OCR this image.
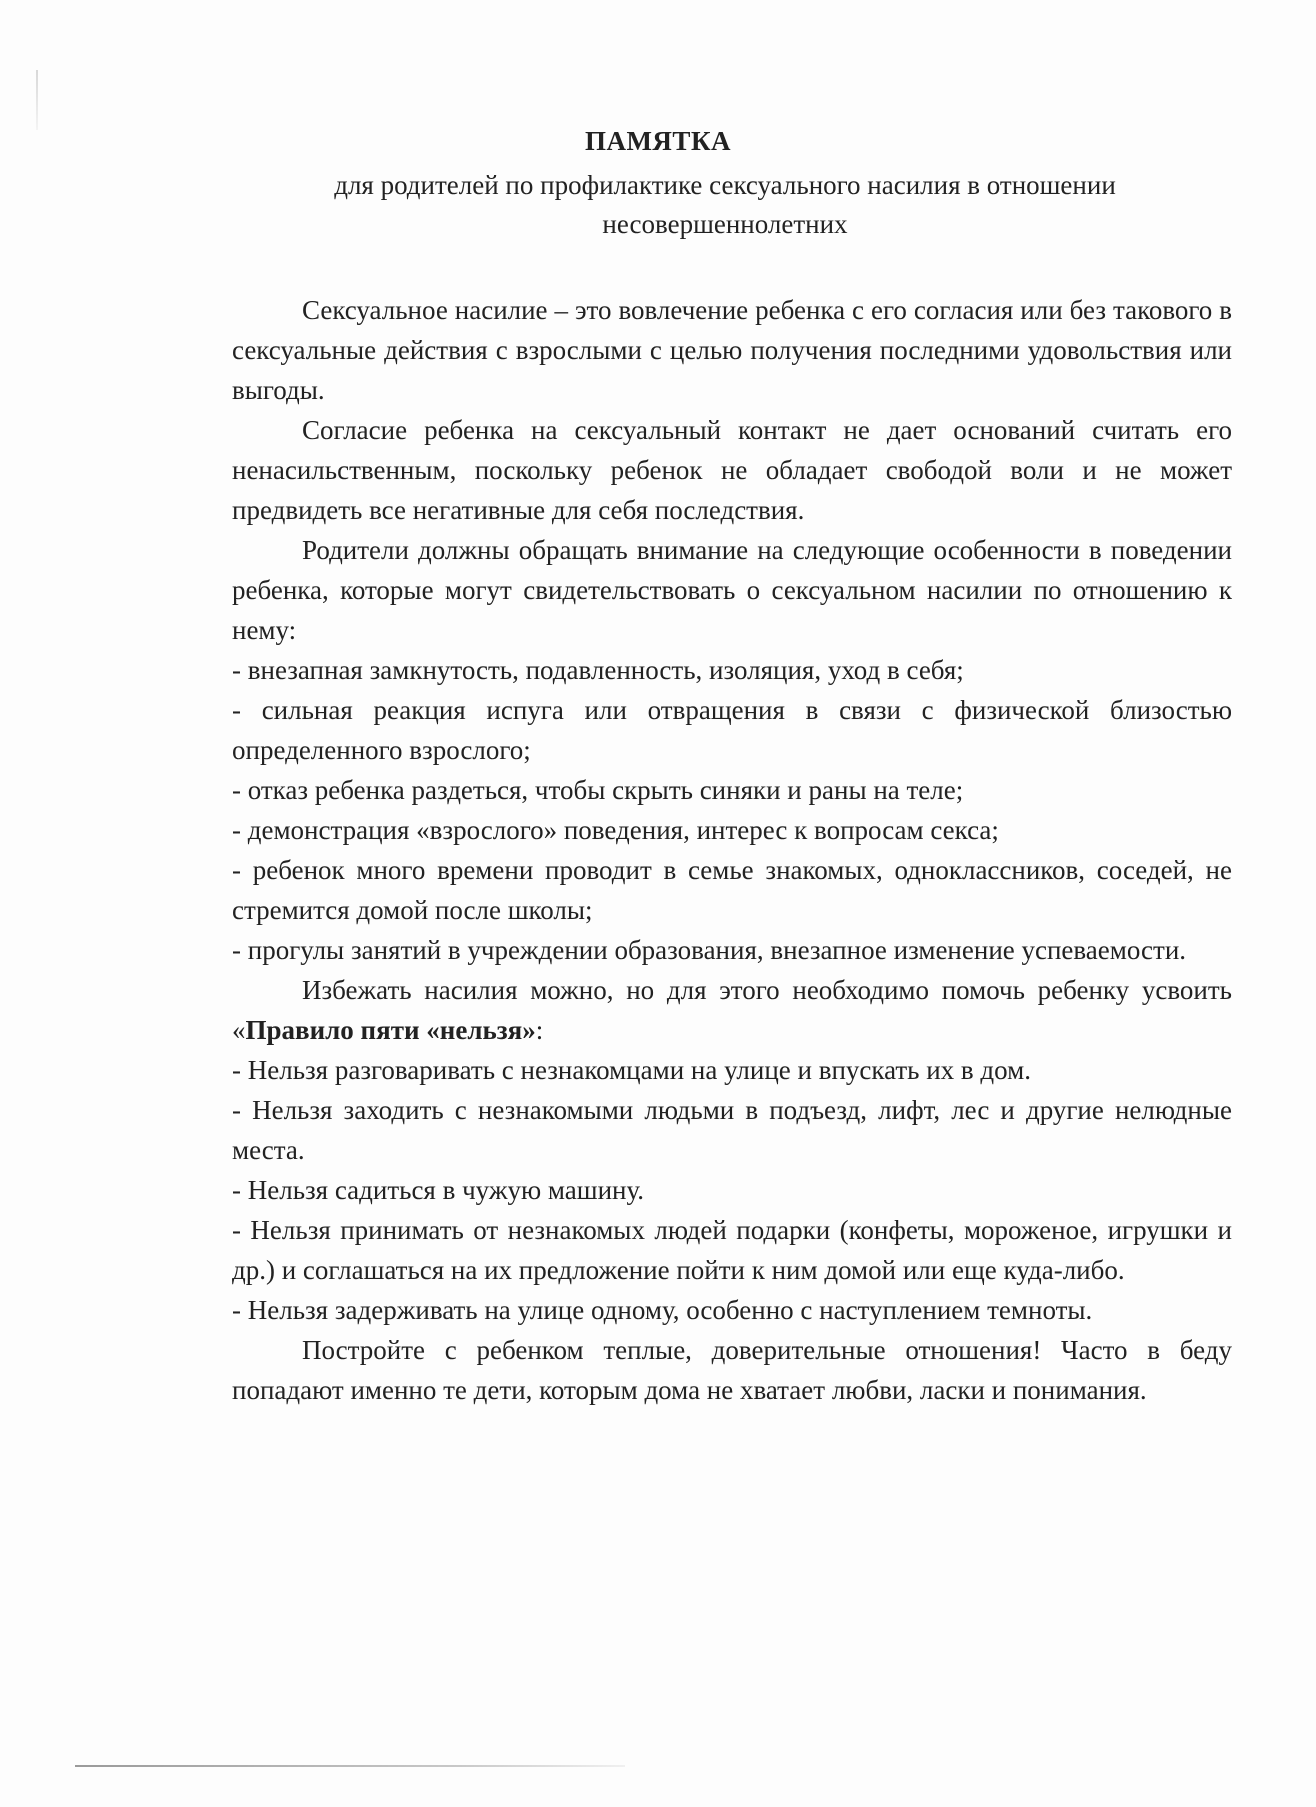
ПАМЯТКА

для родителей по профилактике сексуального насилия в отношении несовершеннолетних

Сексуальное насилие – это вовлечение ребенка с его согласия или без такового в сексуальные действия с взрослыми с целью получения последними удовольствия или выгоды.

Согласие ребенка на сексуальный контакт не дает оснований считать его ненасильственным, поскольку ребенок не обладает свободой воли и не может предвидеть все негативные для себя последствия.

Родители должны обращать внимание на следующие особенности в поведении ребенка, которые могут свидетельствовать о сексуальном насилии по отношению к нему:

- внезапная замкнутость, подавленность, изоляция, уход в себя;

- сильная реакция испуга или отвращения в связи с физической близостью определенного взрослого;

- отказ ребенка раздеться, чтобы скрыть синяки и раны на теле;

- демонстрация «взрослого» поведения, интерес к вопросам секса;

- ребенок много времени проводит в семье знакомых, одноклассников, соседей, не стремится домой после школы;

- прогулы занятий в учреждении образования, внезапное изменение успеваемости.

Избежать насилия можно, но для этого необходимо помочь ребенку усвоить «Правило пяти «нельзя»:

- Нельзя разговаривать с незнакомцами на улице и впускать их в дом.

- Нельзя заходить с незнакомыми людьми в подъезд, лифт, лес и другие нелюдные места.

- Нельзя садиться в чужую машину.

- Нельзя принимать от незнакомых людей подарки (конфеты, мороженое, игрушки и др.) и соглашаться на их предложение пойти к ним домой или еще куда-либо.

- Нельзя задерживать на улице одному, особенно с наступлением темноты.

Постройте с ребенком теплые, доверительные отношения! Часто в беду попадают именно те дети, которым дома не хватает любви, ласки и понимания.
